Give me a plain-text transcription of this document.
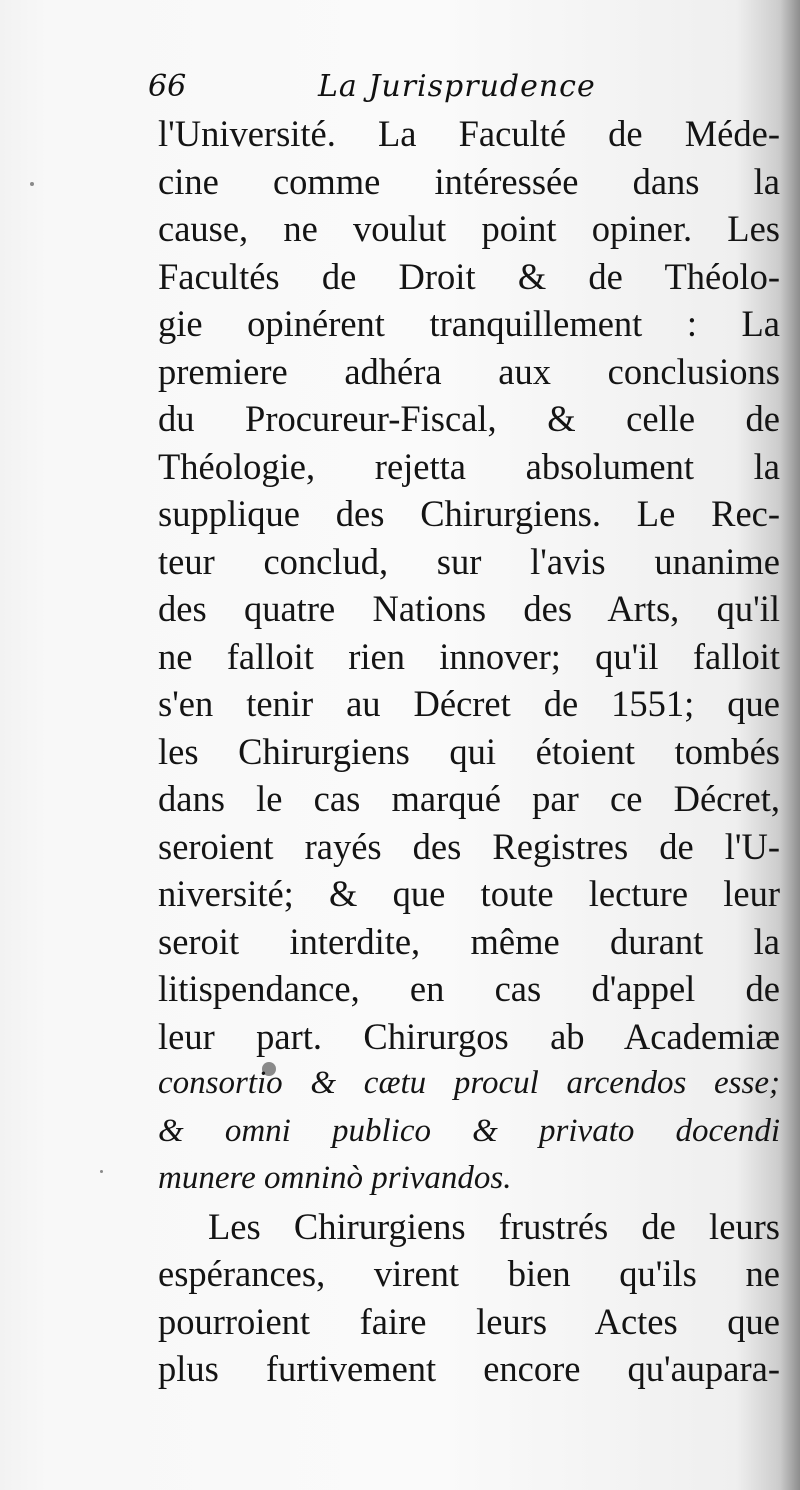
66	La Jurisprudence
l'Université. La Faculté de Méde-
cine comme intéressée dans la
cause, ne voulut point opiner. Les
Facultés de Droit & de Théolo-
gie opinérent tranquillement : La
premiere adhéra aux conclusions
du Procureur-Fiscal, & celle de
Théologie, rejetta absolument la
supplique des Chirurgiens. Le Rec-
teur conclud, sur l'avis unanime
des quatre Nations des Arts, qu'il
ne falloit rien innover; qu'il falloit
s'en tenir au Décret de 1551; que
les Chirurgiens qui étoient tombés
dans le cas marqué par ce Décret,
seroient rayés des Registres de l'U-
niversité; & que toute lecture leur
seroit interdite, même durant la
litispendance, en cas d'appel de
leur part. Chirurgos ab Academiæ
consortio & cætu procul arcendos esse;
& omni publico & privato docendi
munere omninò privandos.
Les Chirurgiens frustrés de leurs
espérances, virent bien qu'ils ne
pourroient faire leurs Actes que
plus furtivement encore qu'aupara-
